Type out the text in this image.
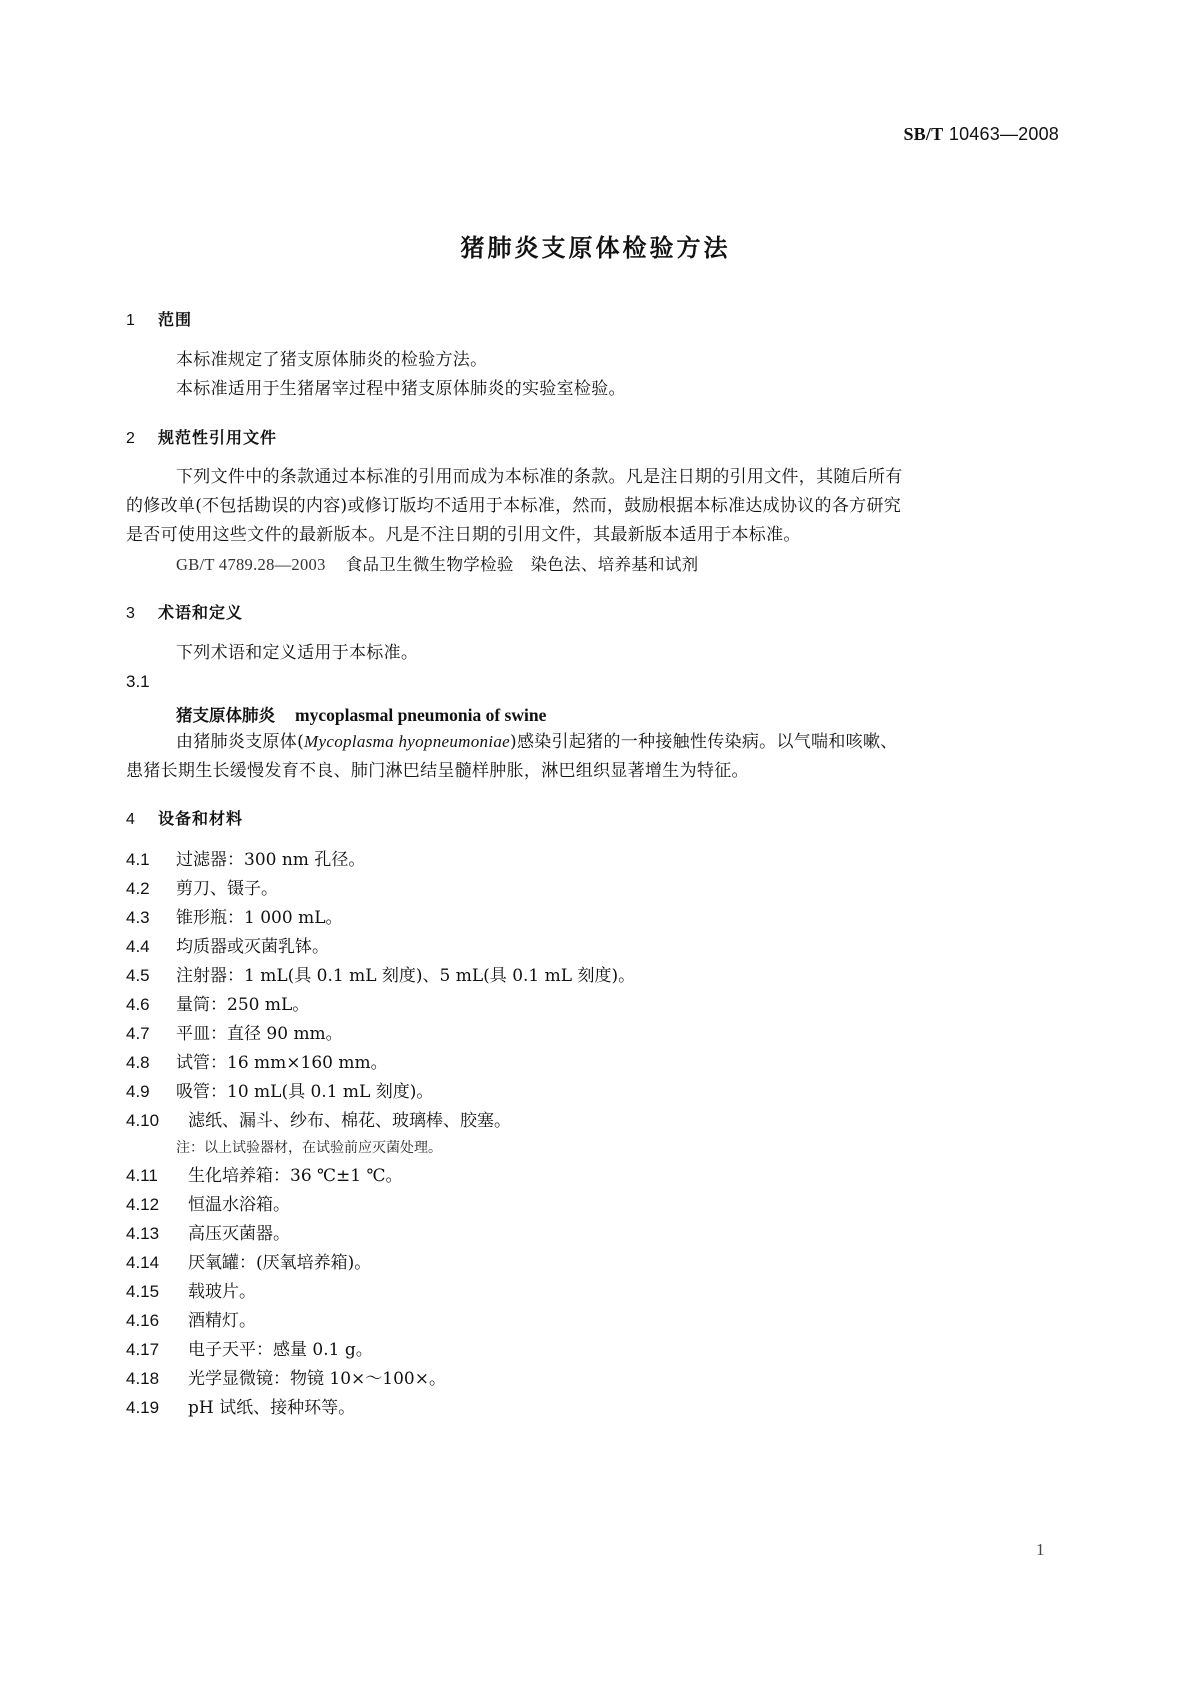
SB/T 10463—2008
猪肺炎支原体检验方法
1 范围
本标准规定了猪支原体肺炎的检验方法。
本标准适用于生猪屠宰过程中猪支原体肺炎的实验室检验。
2 规范性引用文件
下列文件中的条款通过本标准的引用而成为本标准的条款。凡是注日期的引用文件，其随后所有
的修改单(不包括勘误的内容)或修订版均不适用于本标准，然而，鼓励根据本标准达成协议的各方研究
是否可使用这些文件的最新版本。凡是不注日期的引用文件，其最新版本适用于本标准。
GB/T 4789.28—2003 食品卫生微生物学检验　染色法、培养基和试剂
3 术语和定义
下列术语和定义适用于本标准。
3.1
猪支原体肺炎 mycoplasmal pneumonia of swine
由猪肺炎支原体(Mycoplasma hyopneumoniae)感染引起猪的一种接触性传染病。以气喘和咳嗽、
患猪长期生长缓慢发育不良、肺门淋巴结呈髓样肿胀，淋巴组织显著增生为特征。
4 设备和材料
4.1 过滤器：300 nm 孔径。
4.2 剪刀、镊子。
4.3 锥形瓶：1 000 mL。
4.4 均质器或灭菌乳钵。
4.5 注射器：1 mL(具 0.1 mL 刻度)、5 mL(具 0.1 mL 刻度)。
4.6 量筒：250 mL。
4.7 平皿：直径 90 mm。
4.8 试管：16 mm×160 mm。
4.9 吸管：10 mL(具 0.1 mL 刻度)。
4.10 滤纸、漏斗、纱布、棉花、玻璃棒、胶塞。
注：以上试验器材，在试验前应灭菌处理。
4.11 生化培养箱：36 ℃±1 ℃。
4.12 恒温水浴箱。
4.13 高压灭菌器。
4.14 厌氧罐：(厌氧培养箱)。
4.15 载玻片。
4.16 酒精灯。
4.17 电子天平：感量 0.1 g。
4.18 光学显微镜：物镜 10×～100×。
4.19 pH 试纸、接种环等。
1
